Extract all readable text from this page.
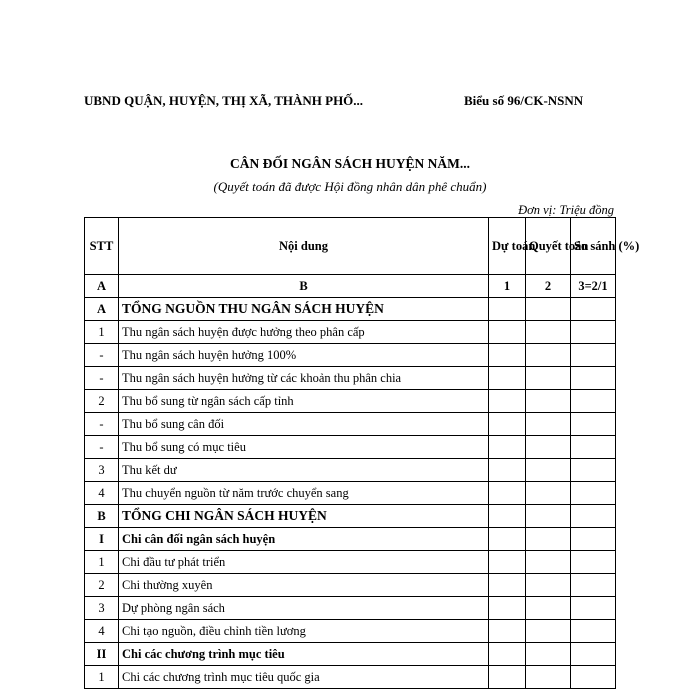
UBND QUẬN, HUYỆN, THỊ XÃ, THÀNH PHỐ...	Biểu số 96/CK-NSNN
CÂN ĐỐI NGÂN SÁCH HUYỆN NĂM...
(Quyết toán đã được Hội đồng nhân dân phê chuẩn)
Đơn vị: Triệu đồng
STT	Nội dung	Dự toán	Quyết toán	So sánh (%)
A	B	1	2	3=2/1
A	TỔNG NGUỒN THU NGÂN SÁCH HUYỆN			
1	Thu ngân sách huyện được hưởng theo phân cấp			
-	Thu ngân sách huyện hưởng 100%			
-	Thu ngân sách huyện hưởng từ các khoản thu phân chia			
2	Thu bổ sung từ ngân sách cấp tỉnh			
-	Thu bổ sung cân đối			
-	Thu bổ sung có mục tiêu			
3	Thu kết dư			
4	Thu chuyển nguồn từ năm trước chuyển sang			
B	TỔNG CHI NGÂN SÁCH HUYỆN			
I	Chi cân đối ngân sách huyện			
1	Chi đầu tư phát triển			
2	Chi thường xuyên			
3	Dự phòng ngân sách			
4	Chi tạo nguồn, điều chỉnh tiền lương			
II	Chi các chương trình mục tiêu			
1	Chi các chương trình mục tiêu quốc gia			
